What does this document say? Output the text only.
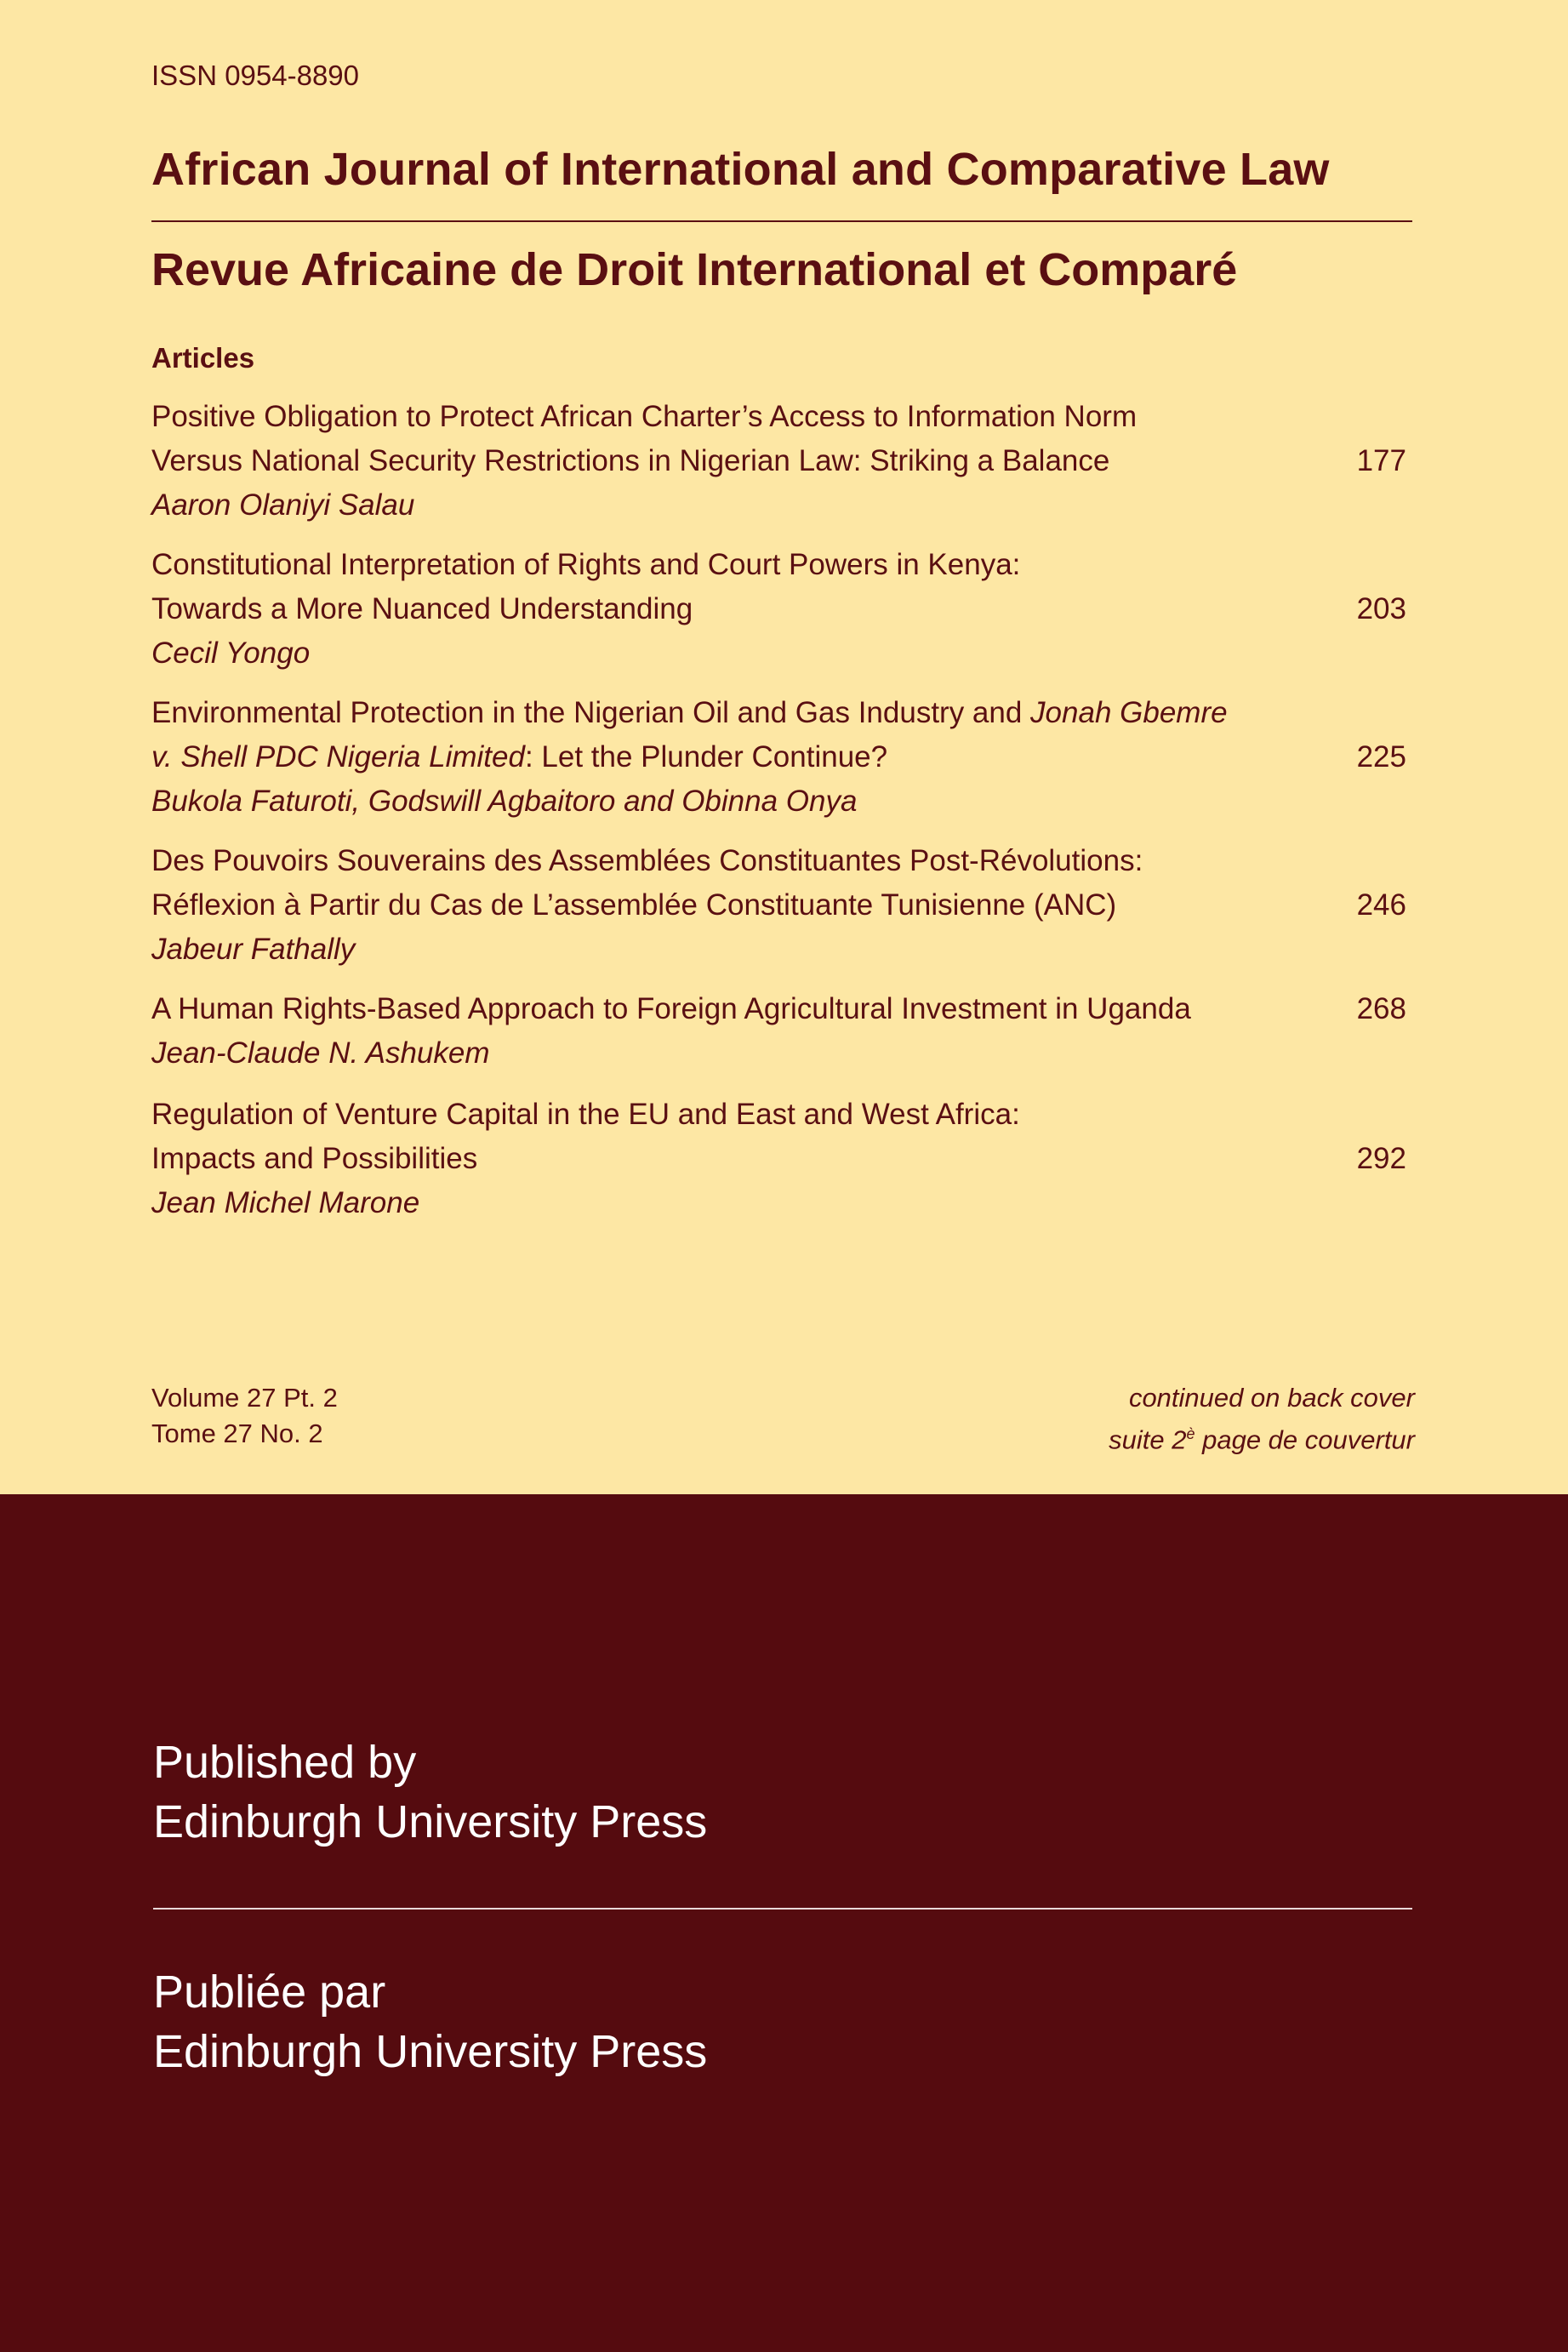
ISSN 0954-8890
African Journal of International and Comparative Law
Revue Africaine de Droit International et Comparé
Articles
Positive Obligation to Protect African Charter’s Access to Information Norm
Versus National Security Restrictions in Nigerian Law: Striking a Balance	177
Aaron Olaniyi Salau
Constitutional Interpretation of Rights and Court Powers in Kenya:
Towards a More Nuanced Understanding	203
Cecil Yongo
Environmental Protection in the Nigerian Oil and Gas Industry and Jonah Gbemre
v. Shell PDC Nigeria Limited: Let the Plunder Continue?	225
Bukola Faturoti, Godswill Agbaitoro and Obinna Onya
Des Pouvoirs Souverains des Assemblées Constituantes Post-Révolutions:
Réflexion à Partir du Cas de L’assemblée Constituante Tunisienne (ANC)	246
Jabeur Fathally
A Human Rights-Based Approach to Foreign Agricultural Investment in Uganda	268
Jean-Claude N. Ashukem
Regulation of Venture Capital in the EU and East and West Africa:
Impacts and Possibilities	292
Jean Michel Marone
Volume 27 Pt. 2
Tome 27 No. 2
continued on back cover
suite $2^è$ page de couvertur
Published by
Edinburgh University Press
Publiée par
Edinburgh University Press
